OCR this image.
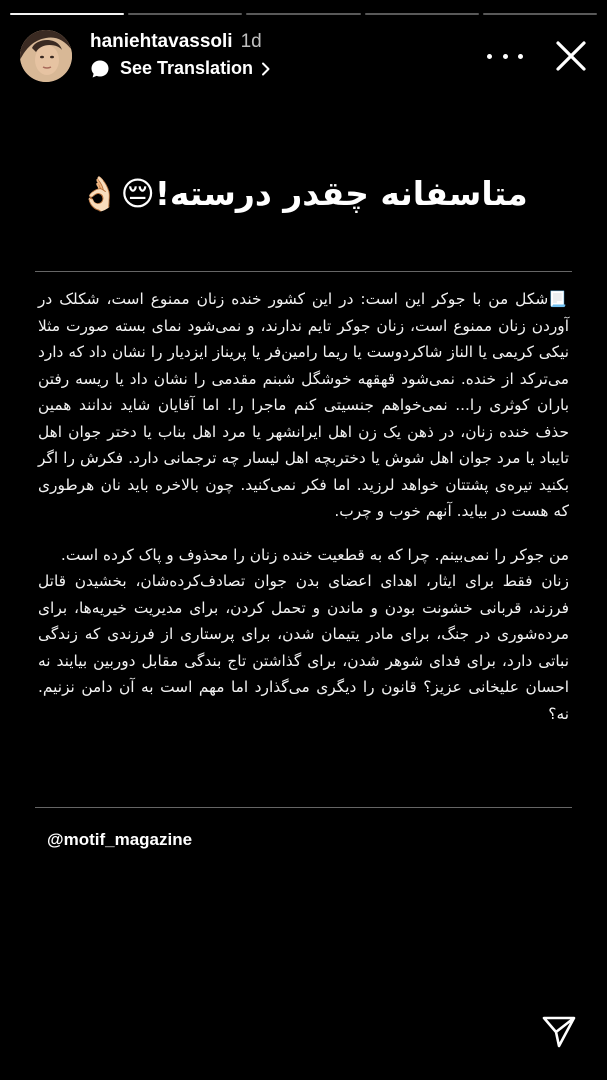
haniehtavassoli 1d
See Translation
متاسفانه چقدر درسته!😔👌🏻

📃شکل من با جوکر این است: در این کشور خنده زنان ممنوع است، شکلک در آوردن زنان ممنوع است، زنان جوکر تایم ندارند، و نمی‌شود نمای بسته صورت مثلا نیکی کریمی یا الناز شاکردوست یا ریما رامین‌فر یا پریناز ایزدیار را نشان داد که دارد می‌ترکد از خنده. نمی‌شود قهقهه خوشگل شبنم مقدمی را نشان داد یا ریسه رفتن باران کوثری را... نمی‌خواهم جنسیتی کنم ماجرا را. اما آقایان شاید ندانند همین حذف خنده زنان، در ذهن یک زن اهل ایرانشهر یا مرد اهل بناب یا دختر جوان اهل تایباد یا مرد جوان اهل شوش یا دختربچه اهل لیسار چه ترجمانی دارد. فکرش را اگر بکنید تیره‌ی پشتتان خواهد لرزید. اما فکر نمی‌کنید. چون بالاخره باید نان هرطوری که هست در بیاید. آنهم خوب و چرب.

من جوکر را نمی‌بینم. چرا که به قطعیت خنده زنان را محذوف و پاک کرده است.

زنان فقط برای ایثار، اهدای اعضای بدن جوان تصادف‌کرده‌شان، بخشیدن قاتل فرزند، قربانی خشونت بودن و ماندن و تحمل کردن، برای مدیریت خیریه‌ها، برای مرده‌شوری در جنگ، برای مادر یتیمان شدن، برای پرستاری از فرزندی که زندگی نباتی دارد، برای فدای شوهر شدن، برای گذاشتن تاج بندگی مقابل دوربین بیایند نه احسان علیخانی عزیز؟ قانون را دیگری می‌گذارد اما مهم است به آن دامن نزنیم. نه؟

@motif_magazine
